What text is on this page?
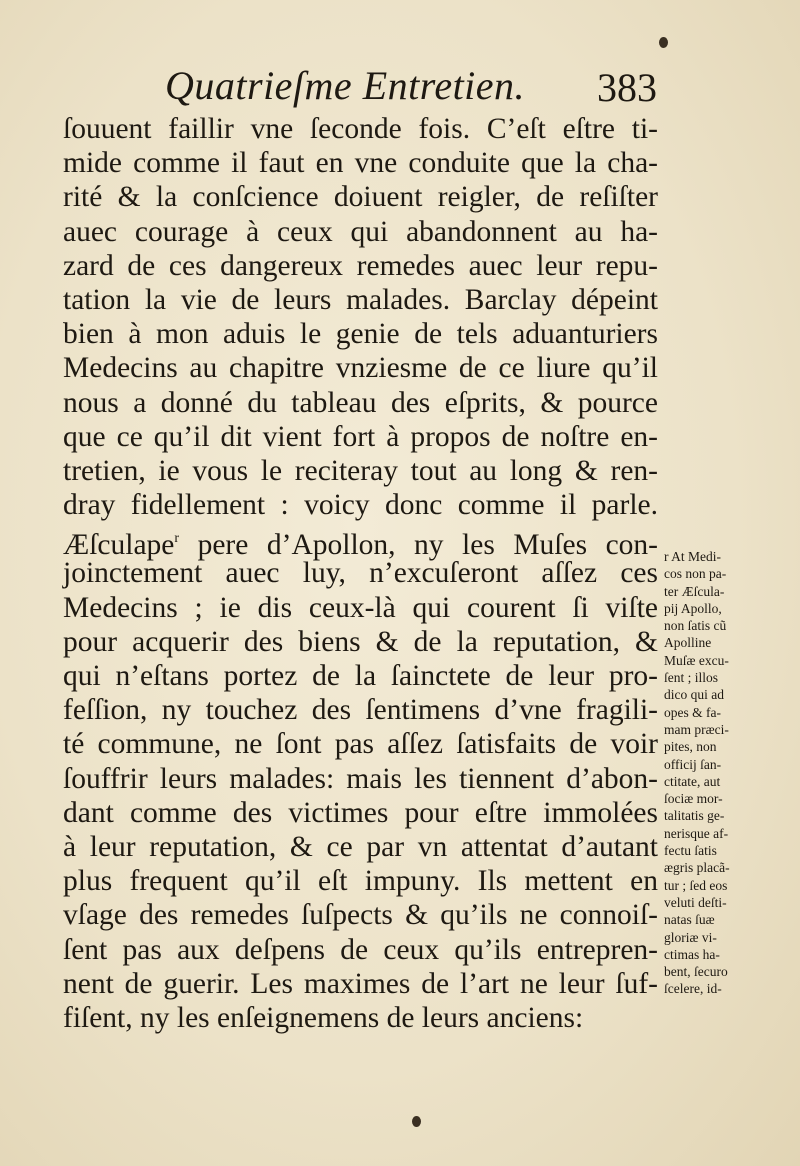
Quatrieſme Entretien. 383
ſouuent faillir vne ſeconde fois. C’eſt eſtre ti-
mide comme il faut en vne conduite que la cha-
rité & la conſcience doiuent reigler, de reſiſter
auec courage à ceux qui abandonnent au ha-
zard de ces dangereux remedes auec leur repu-
tation la vie de leurs malades. Barclay dépeint
bien à mon aduis le genie de tels aduanturiers
Medecins au chapitre vnziesme de ce liure qu’il
nous a donné du tableau des eſprits, & pource
que ce qu’il dit vient fort à propos de noſtre en-
tretien, ie vous le reciteray tout au long & ren-
dray fidellement : voicy donc comme il parle.
Æſculape$^r$ pere d’Apollon, ny les Muſes con-
joinctement auec luy, n’excuſeront aſſez ces
Medecins ; ie dis ceux-là qui courent ſi viſte
pour acquerir des biens & de la reputation, &
qui n’eſtans portez de la ſainctete de leur pro-
feſſion, ny touchez des ſentimens d’vne fragili-
té commune, ne ſont pas aſſez ſatisfaits de voir
ſouffrir leurs malades: mais les tiennent d’abon-
dant comme des victimes pour eſtre immolées
à leur reputation, & ce par vn attentat d’autant
plus frequent qu’il eſt impuny. Ils mettent en
vſage des remedes ſuſpects & qu’ils ne connoiſ-
ſent pas aux deſpens de ceux qu’ils entrepren-
nent de guerir. Les maximes de l’art ne leur ſuf-
fiſent, ny les enſeignemens de leurs anciens:
r At Medi-
cos non pa-
ter Æſcula-
pij Apollo,
non ſatis cũ
Apolline
Muſæ excu-
ſent ; illos
dico qui ad
opes & fa-
mam præci-
pites, non
officij ſan-
ctitate, aut
ſociæ mor-
talitatis ge-
nerisque af-
fectu ſatis
ægris placã-
tur ; ſed eos
veluti deſti-
natas ſuæ
gloriæ vi-
ctimas ha-
bent, ſecuro
ſcelere, id-
